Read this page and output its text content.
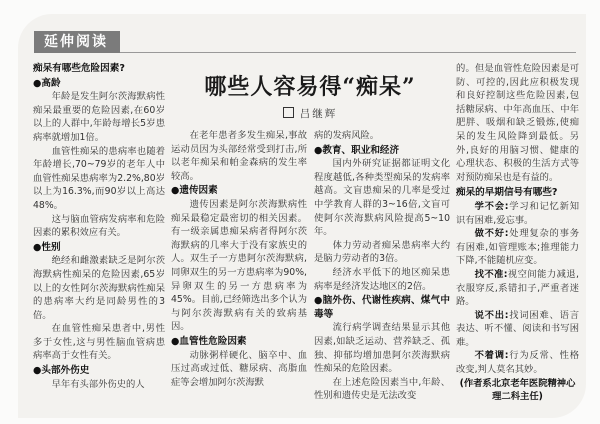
延伸阅读
哪些人容易得“痴呆”
吕继辉

痴呆有哪些危险因素?

●高龄

年龄是发生阿尔茨海默病性痴呆最重要的危险因素,在60岁以上的人群中,年龄每增长5岁患病率就增加1倍。

血管性痴呆的患病率也随着年龄增长,70~79岁的老年人中血管性痴呆患病率为2.2%,80岁以上为16.3%,而90岁以上高达48%。

这与脑血管病发病率和危险因素的累积效应有关。

●性别

绝经和雌激素缺乏是阿尔茨海默病性痴呆的危险因素,65岁以上的女性阿尔茨海默病性痴呆的患病率大约是同龄男性的3倍。

在血管性痴呆患者中,男性多于女性,这与男性脑血管病患病率高于女性有关。

●头部外伤史

早年有头部外伤史的人

在老年患者多发生痴呆,事故运动员因为头部经常受到打击,所以老年痴呆和帕金森病的发生率较高。

●遗传因素

遗传因素是阿尔茨海默病性痴呆最稳定最密切的相关因素。有一级亲属患痴呆病者得阿尔茨海默病的几率大于没有家族史的人。双生子一方患阿尔茨海默病,同卵双生的另一方患病率为90%,异卵双生的另一方患病率为45%。目前,已经筛选出多个认为与阿尔茨海默病有关的致病基因。

●血管性危险因素

动脉粥样硬化、脑卒中、血压过高或过低、糖尿病、高脂血症等会增加阿尔茨海默

病的发病风险。

●教育、职业和经济

国内外研究证据都证明文化程度越低,各种类型痴呆的发病率越高。文盲患痴呆的几率是受过中学教育人群的3~16倍,文盲可使阿尔茨海默病风险提高5~10年。

体力劳动者痴呆患病率大约是脑力劳动者的3倍。

经济水平低下的地区痴呆患病率是经济发达地区的2倍。

●脑外伤、代谢性疾病、煤气中毒等

流行病学调查结果显示其他因素,如缺乏运动、营养缺乏、孤独、抑郁均增加患阿尔茨海默病性痴呆的危险因素。

在上述危险因素当中,年龄、性别和遗传史是无法改变

的。但是血管性危险因素是可防、可控的,因此应积极发现和良好控制这些危险因素,包括糖尿病、中年高血压、中年肥胖、吸烟和缺乏锻炼,使痴呆的发生风险降到最低。另外,良好的用脑习惯、健康的心理状态、积极的生活方式等对预防痴呆也是有益的。

痴呆的早期信号有哪些?

学不会:学习和记忆新知识有困难,爱忘事。

做不好:处理复杂的事务有困难,如管理账本;推理能力下降,不能随机应变。

找不准:视空间能力减退,衣服穿反,系错扣子,严重者迷路。

说不出:找词困难、语言表达、听不懂、阅读和书写困难。

不着调:行为反常、性格改变,判人莫名其妙。

(作者系北京老年医院精神心理二科主任)
